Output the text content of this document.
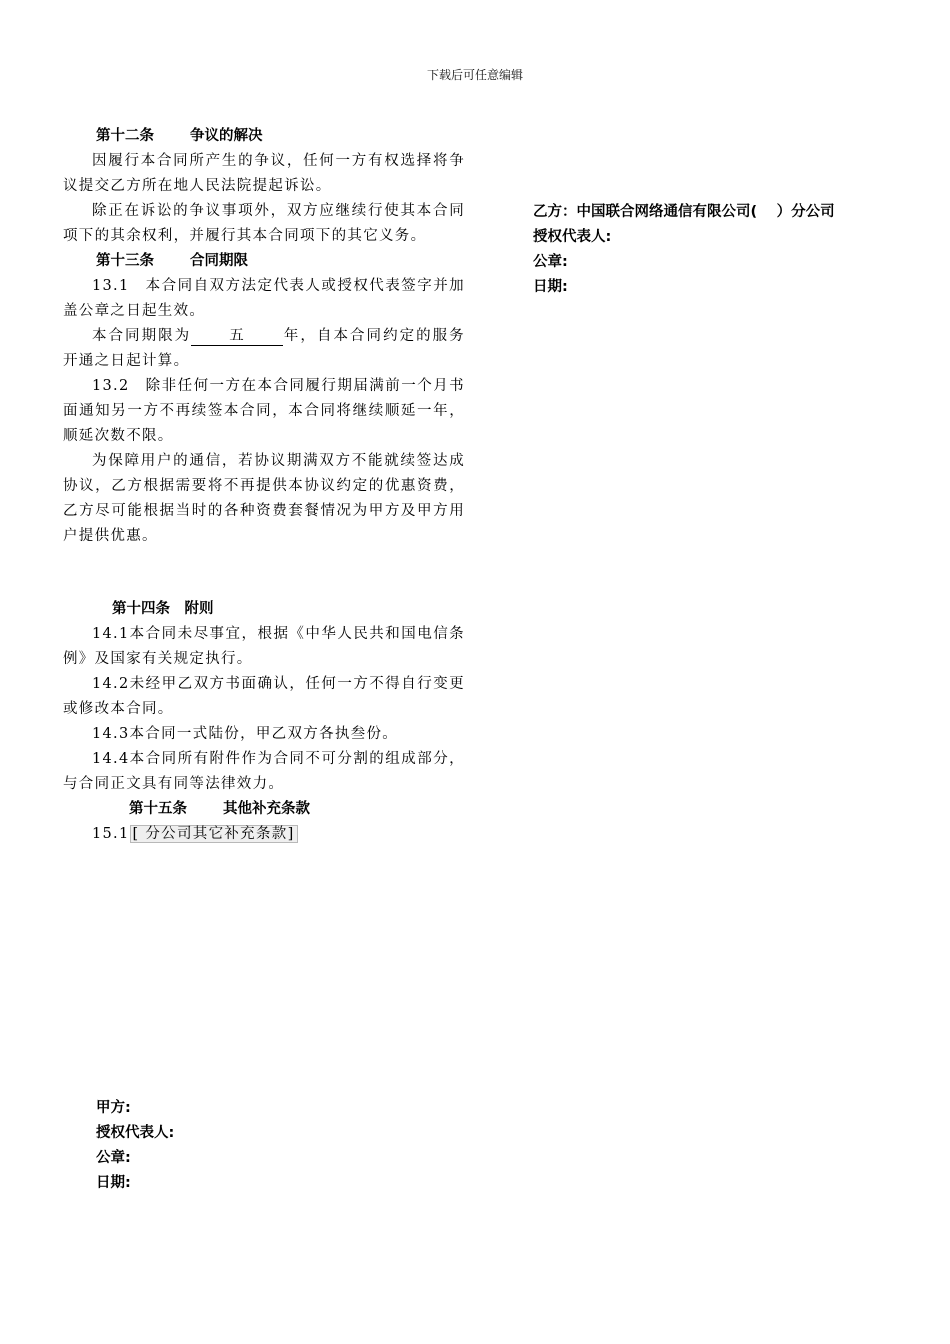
下载后可任意编辑

第十二条 争议的解决

因履行本合同所产生的争议，任何一方有权选择将争议提交乙方所在地人民法院提起诉讼。

除正在诉讼的争议事项外，双方应继续行使其本合同项下的其余权利，并履行其本合同项下的其它义务。

第十三条 合同期限

13.1　本合同自双方法定代表人或授权代表签字并加盖公章之日起生效。

本合同期限为	五	年，自本合同约定的服务开通之日起计算。

13.2　除非任何一方在本合同履行期届满前一个月书面通知另一方不再续签本合同，本合同将继续顺延一年，顺延次数不限。

为保障用户的通信，若协议期满双方不能就续签达成协议，乙方根据需要将不再提供本协议约定的优惠资费，乙方尽可能根据当时的各种资费套餐情况为甲方及甲方用户提供优惠。

第十四条　附则

14.1本合同未尽事宜，根据《中华人民共和国电信条例》及国家有关规定执行。

14.2未经甲乙双方书面确认，任何一方不得自行变更或修改本合同。

14.3本合同一式陆份，甲乙双方各执叁份。

14.4本合同所有附件作为合同不可分割的组成部分，与合同正文具有同等法律效力。

第十五条 其他补充条款

15.1 [ 分公司其它补充条款]

乙方：中国联合网络通信有限公司(　 ）分公司

授权代表人:

公章:

日期:

甲方:

授权代表人:

公章:

日期:
